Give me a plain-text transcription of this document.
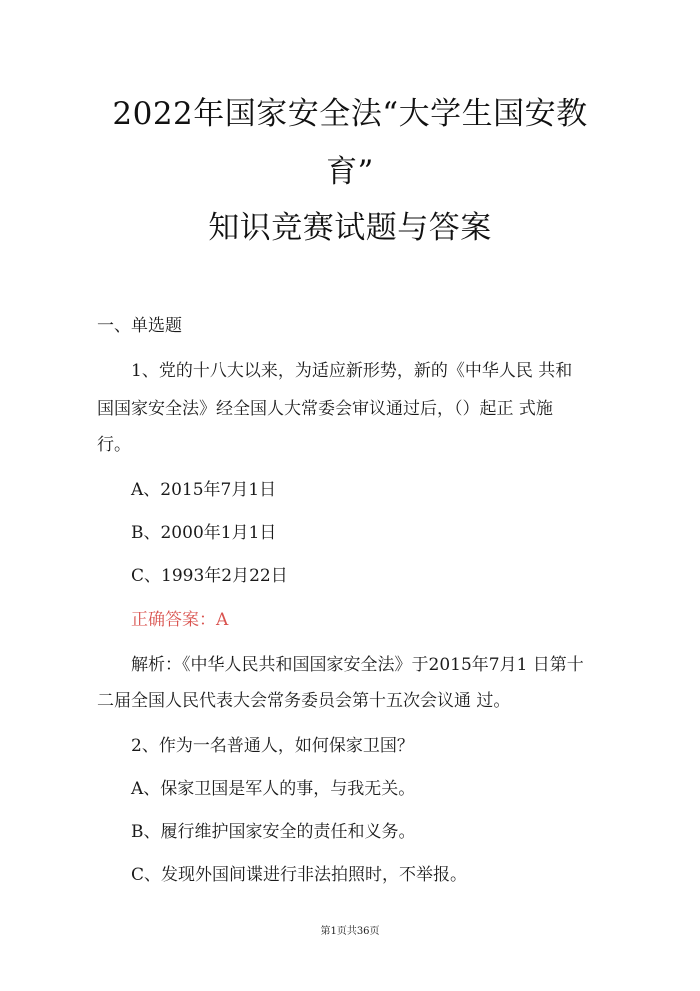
2022年国家安全法“大学生国安教
育”
知识竞赛试题与答案
一、单选题
1、党的十八大以来，为适应新形势，新的《中华人民 共和
国国家安全法》经全国人大常委会审议通过后，（）起正 式施
行。
A、2015年7月1日
B、2000年1月1日
C、1993年2月22日
正确答案：A
解析：《中华人民共和国国家安全法》于2015年7月1 日第十
二届全国人民代表大会常务委员会第十五次会议通 过。
2、作为一名普通人，如何保家卫国？
A、保家卫国是军人的事，与我无关。
B、履行维护国家安全的责任和义务。
C、发现外国间谍进行非法拍照时，不举报。
第1页共36页
